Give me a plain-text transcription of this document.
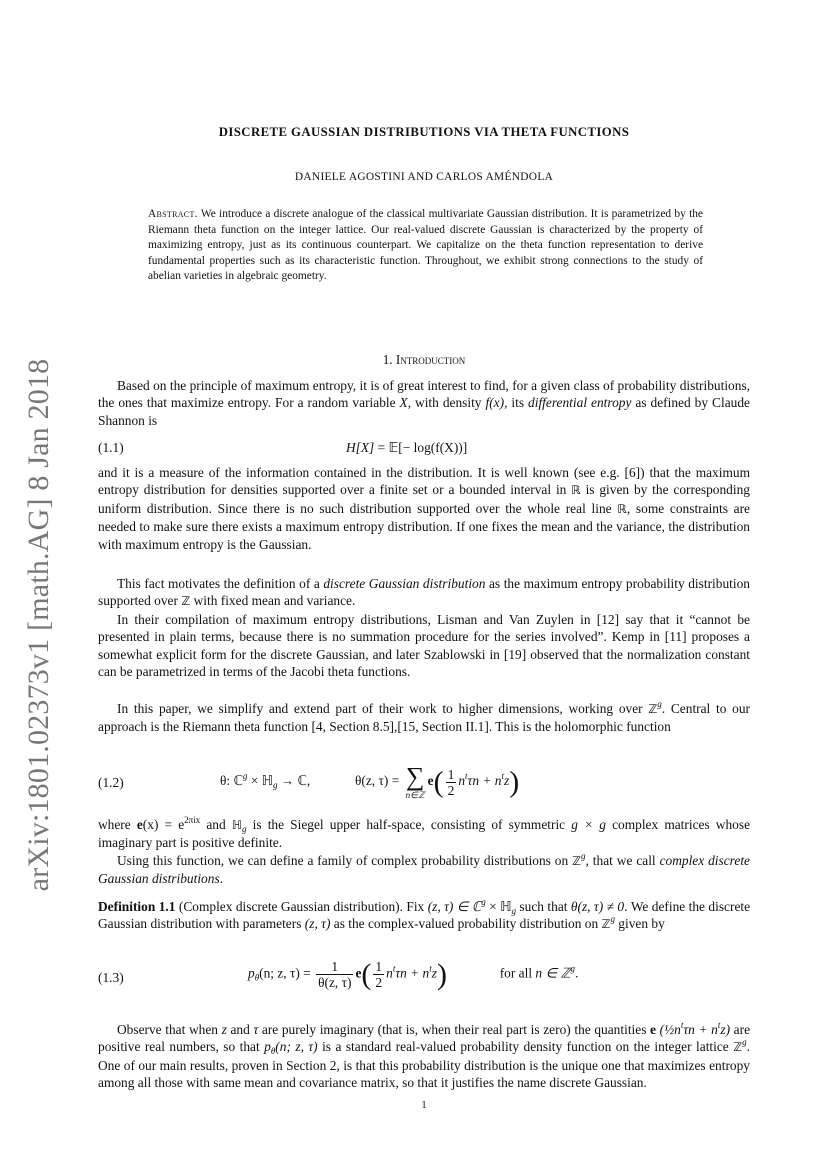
arXiv:1801.02373v1 [math.AG] 8 Jan 2018
DISCRETE GAUSSIAN DISTRIBUTIONS VIA THETA FUNCTIONS
DANIELE AGOSTINI AND CARLOS AMÉNDOLA
Abstract. We introduce a discrete analogue of the classical multivariate Gaussian distribution. It is parametrized by the Riemann theta function on the integer lattice. Our real-valued discrete Gaussian is characterized by the property of maximizing entropy, just as its continuous counterpart. We capitalize on the theta function representation to derive fundamental properties such as its characteristic function. Throughout, we exhibit strong connections to the study of abelian varieties in algebraic geometry.
1. Introduction

Based on the principle of maximum entropy, it is of great interest to find, for a given class of probability distributions, the ones that maximize entropy. For a random variable X, with density f(x), its differential entropy as defined by Claude Shannon is

(1.1)	H[X] = 𝔼[− log(f(X))]

and it is a measure of the information contained in the distribution. It is well known (see e.g. [6]) that the maximum entropy distribution for densities supported over a finite set or a bounded interval in ℝ is given by the corresponding uniform distribution. Since there is no such distribution supported over the whole real line ℝ, some constraints are needed to make sure there exists a maximum entropy distribution. If one fixes the mean and the variance, the distribution with maximum entropy is the Gaussian.

This fact motivates the definition of a discrete Gaussian distribution as the maximum entropy probability distribution supported over ℤ with fixed mean and variance.

In their compilation of maximum entropy distributions, Lisman and Van Zuylen in [12] say that it “cannot be presented in plain terms, because there is no summation procedure for the series involved”. Kemp in [11] proposes a somewhat explicit form for the discrete Gaussian, and later Szablowski in [19] observed that the normalization constant can be parametrized in terms of the Jacobi theta functions.

In this paper, we simplify and extend part of their work to higher dimensions, working over ℤ$^g$. Central to our approach is the Riemann theta function [4, Section 8.5],[15, Section II.1]. This is the holomorphic function

(1.2)	θ: ℂ$^g$ × ℍ$_g$ → ℂ,	θ(z, τ) = ∑
n∈ℤ
$e( \frac{1}{2} n^t\tau n + n^tz)$

where $e(x) = e^{2\pi ix}$ and ℍ$_g$ is the Siegel upper half-space, consisting of symmetric g × g complex matrices whose imaginary part is positive definite.

Using this function, we can define a family of complex probability distributions on ℤ$^g$, that we call complex discrete Gaussian distributions.

Definition 1.1 (Complex discrete Gaussian distribution). Fix (z, τ) ∈ ℂ$^g$ × ℍ$_g$ such that θ(z, τ) ≠ 0. We define the discrete Gaussian distribution with parameters (z, τ) as the complex-valued probability distribution on ℤ$^g$ given by

(1.3)	$p_\theta(n$; z, $\tau) = \frac{1}{\theta(z, \tau)} e( \frac{1}{2} n^t\tau n + n^tz)$	for all n ∈ ℤ$^g$.

Observe that when z and τ are purely imaginary (that is, when their real part is zero) the quantities e $(\frac{1}{2}n^t\tau n + n^tz)$ are positive real numbers, so that $p_\theta(n$; z, τ) is a standard real-valued probability density function on the integer lattice ℤ$^g$. One of our main results, proven in Section 2, is that this probability distribution is the unique one that maximizes entropy among all those with same mean and covariance matrix, so that it justifies the name discrete Gaussian.

1
